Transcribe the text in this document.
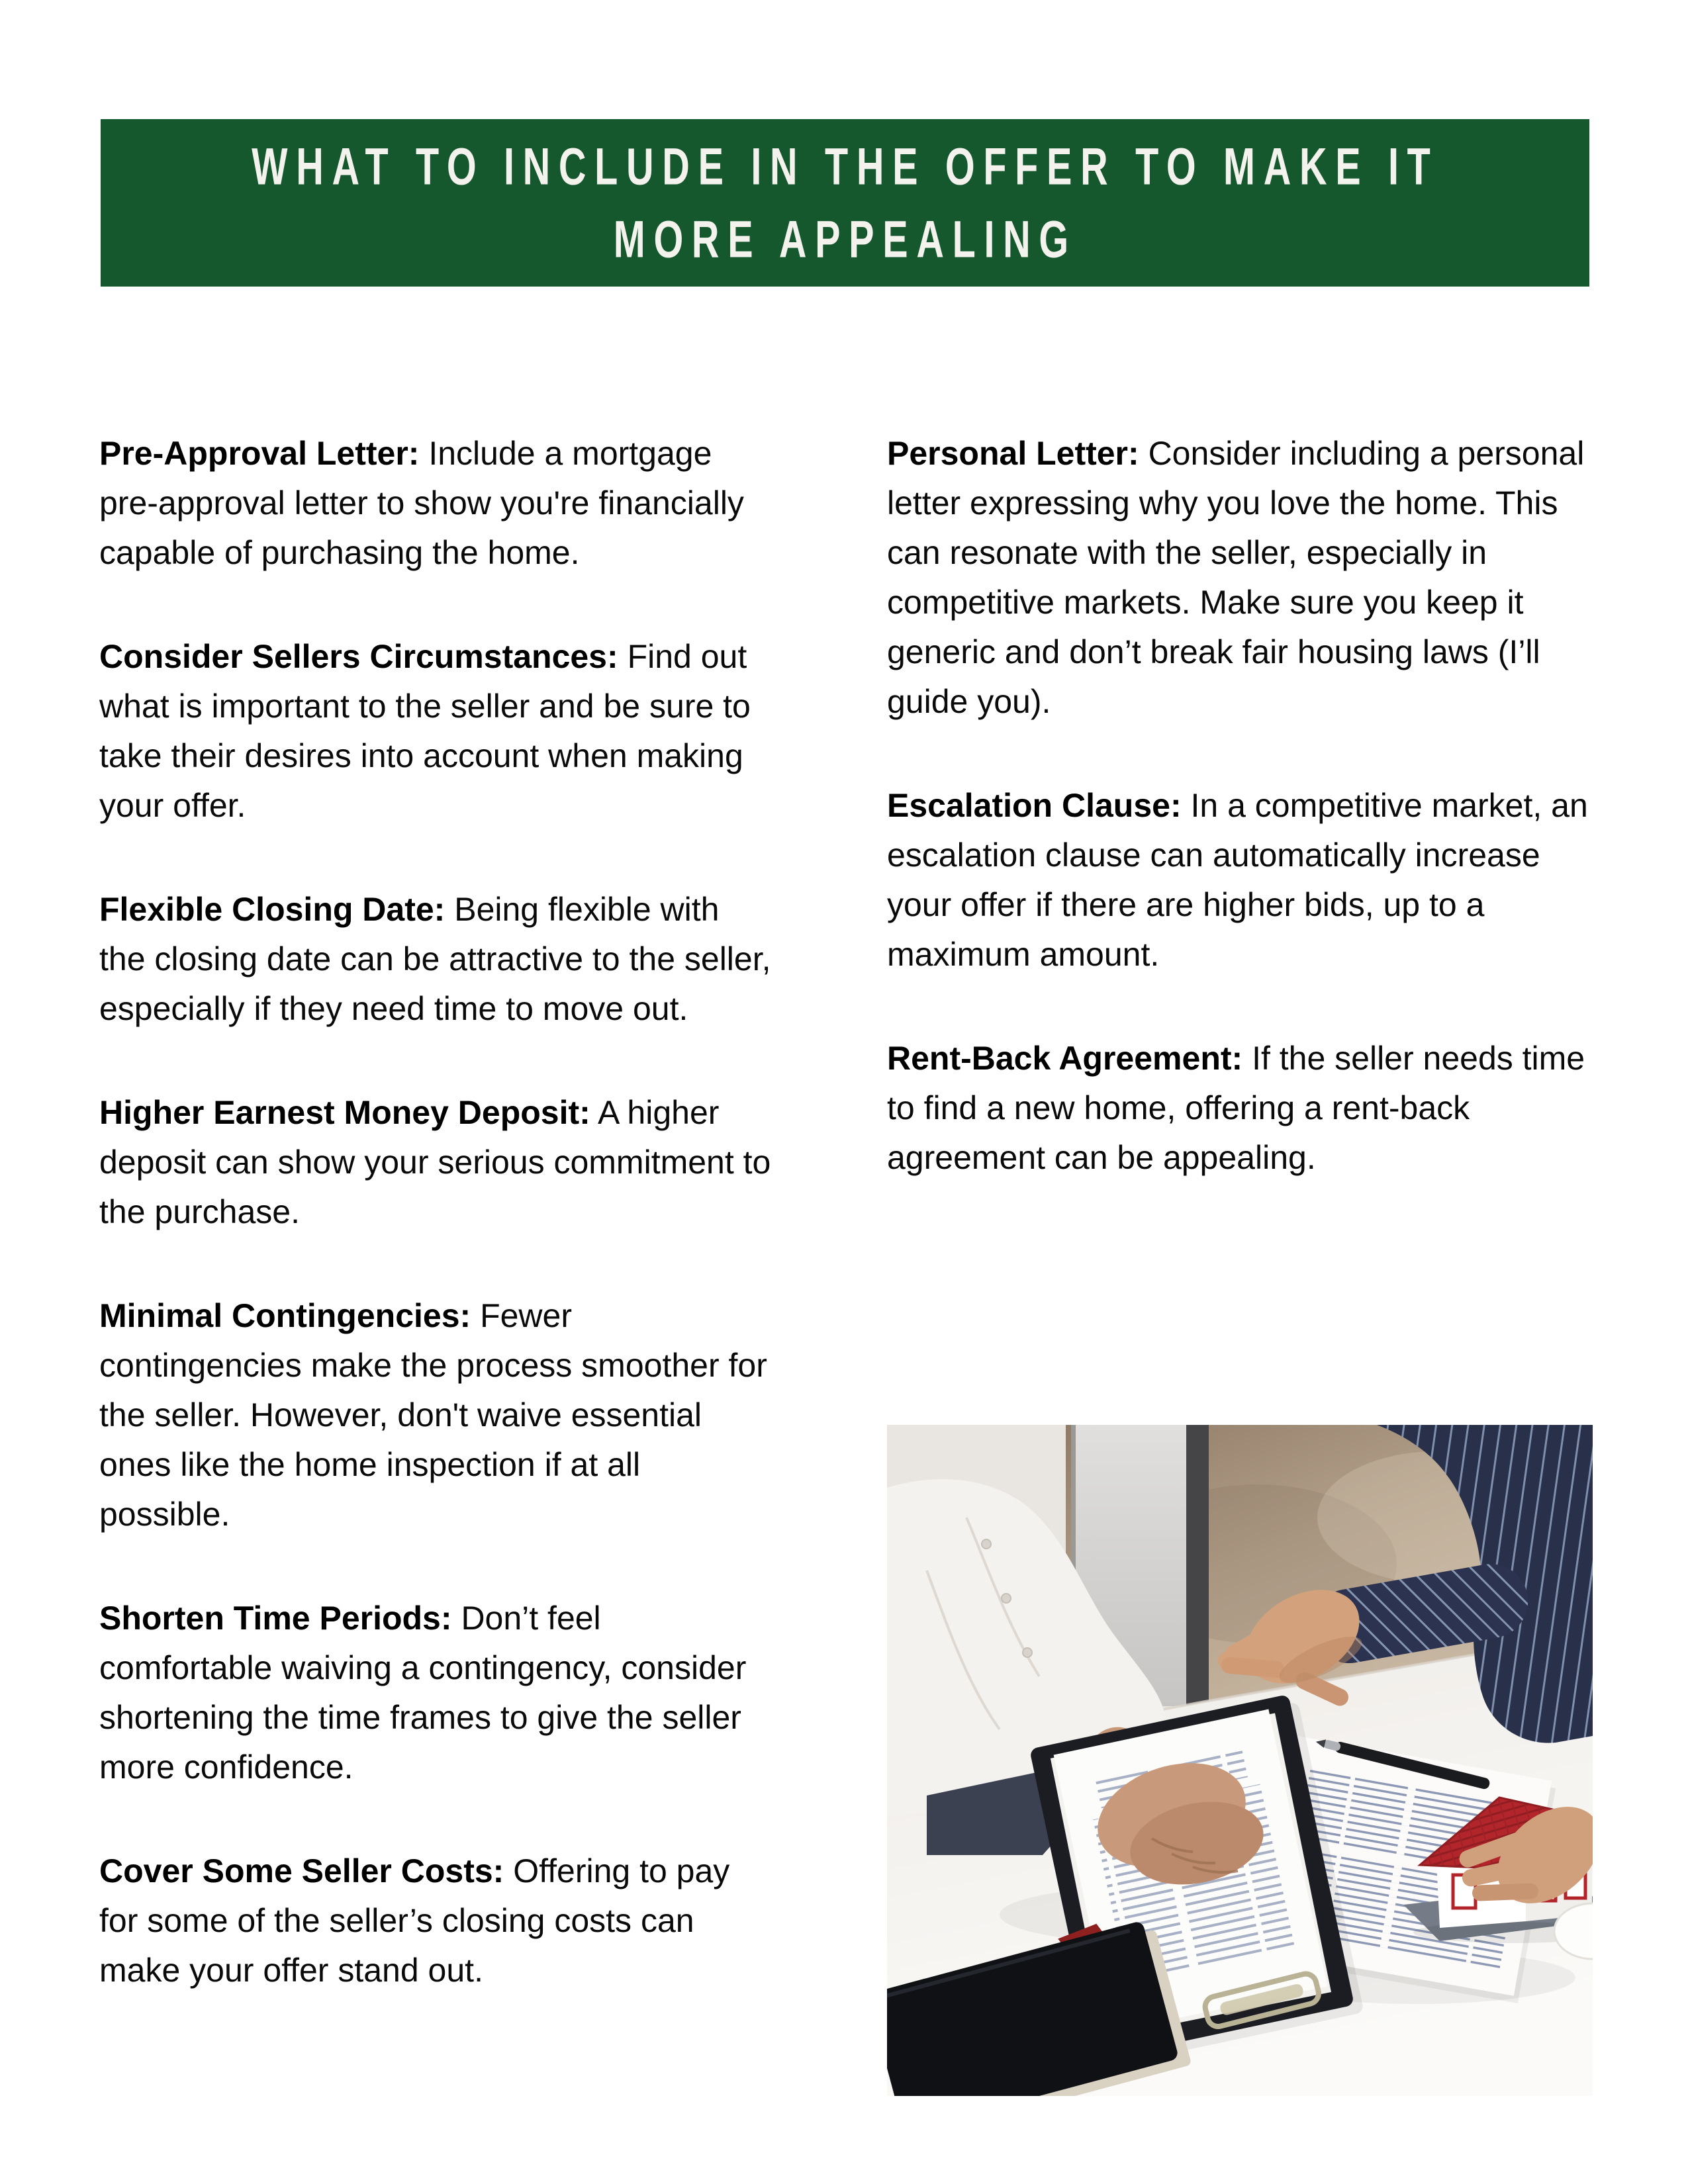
WHAT TO INCLUDE IN THE OFFER TO MAKE IT
MORE APPEALING

Pre-Approval Letter: Include a mortgage pre-approval letter to show you're financially capable of purchasing the home.

Consider Sellers Circumstances: Find out what is important to the seller and be sure to take their desires into account when making your offer.

Flexible Closing Date: Being flexible with the closing date can be attractive to the seller, especially if they need time to move out.

Higher Earnest Money Deposit: A higher deposit can show your serious commitment to the purchase.

Minimal Contingencies: Fewer contingencies make the process smoother for the seller. However, don't waive essential ones like the home inspection if at all possible.

Shorten Time Periods: Don’t feel comfortable waiving a contingency, consider shortening the time frames to give the seller more confidence.

Cover Some Seller Costs: Offering to pay for some of the seller’s closing costs can make your offer stand out.

Personal Letter: Consider including a personal letter expressing why you love the home. This can resonate with the seller, especially in competitive markets. Make sure you keep it generic and don’t break fair housing laws (I’ll guide you).

Escalation Clause: In a competitive market, an escalation clause can automatically increase your offer if there are higher bids, up to a maximum amount.

Rent-Back Agreement: If the seller needs time to find a new home, offering a rent-back agreement can be appealing.
